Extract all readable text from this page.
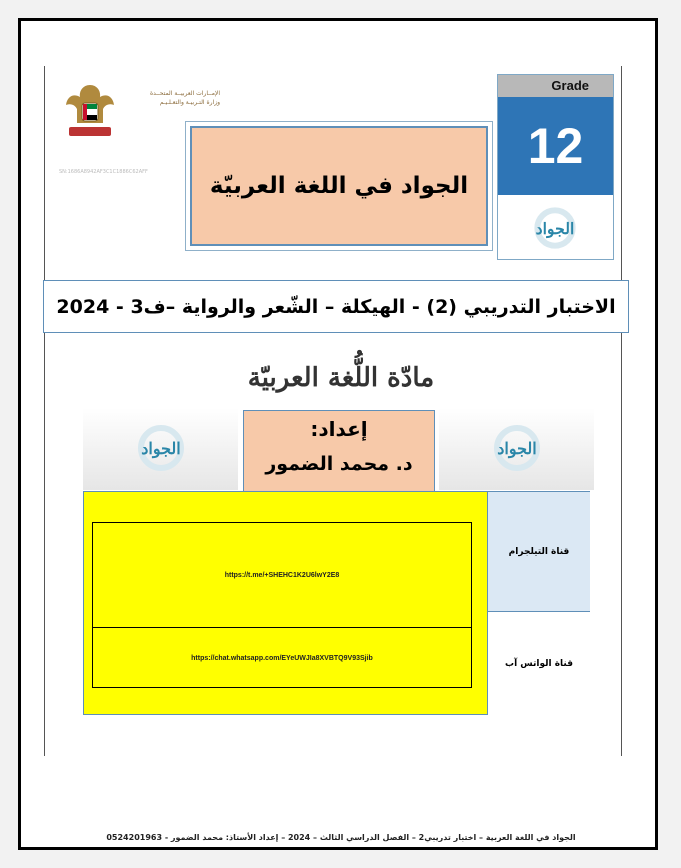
الإمــارات العربيــة المتحــدة
وزارة التـربيـة والتعـلـيـم
SN:1686A8942AF3C1C1886C62AFF
Grade
12
الجواد
الجواد في اللغة العربيّة
الاختبار التدريبي (2) - الهيكلة – الشّعر والرواية –ف3 - 2024
مادّة اللُّغة العربيّة
الجواد
إعداد:
د. محمد الضمور
الجواد
https://t.me/+SHEHC1K2U6lwY2E8
https://chat.whatsapp.com/EYeUWJIa8XVBTQ9V93Sjib
قناة التيلجرام
قناة الواتس آب
الجواد في اللغة العربية – اختبار تدريبي2 – الفصل الدراسي الثالث – 2024 – إعداد الأستاذ: محمد الضمور - 0524201963
